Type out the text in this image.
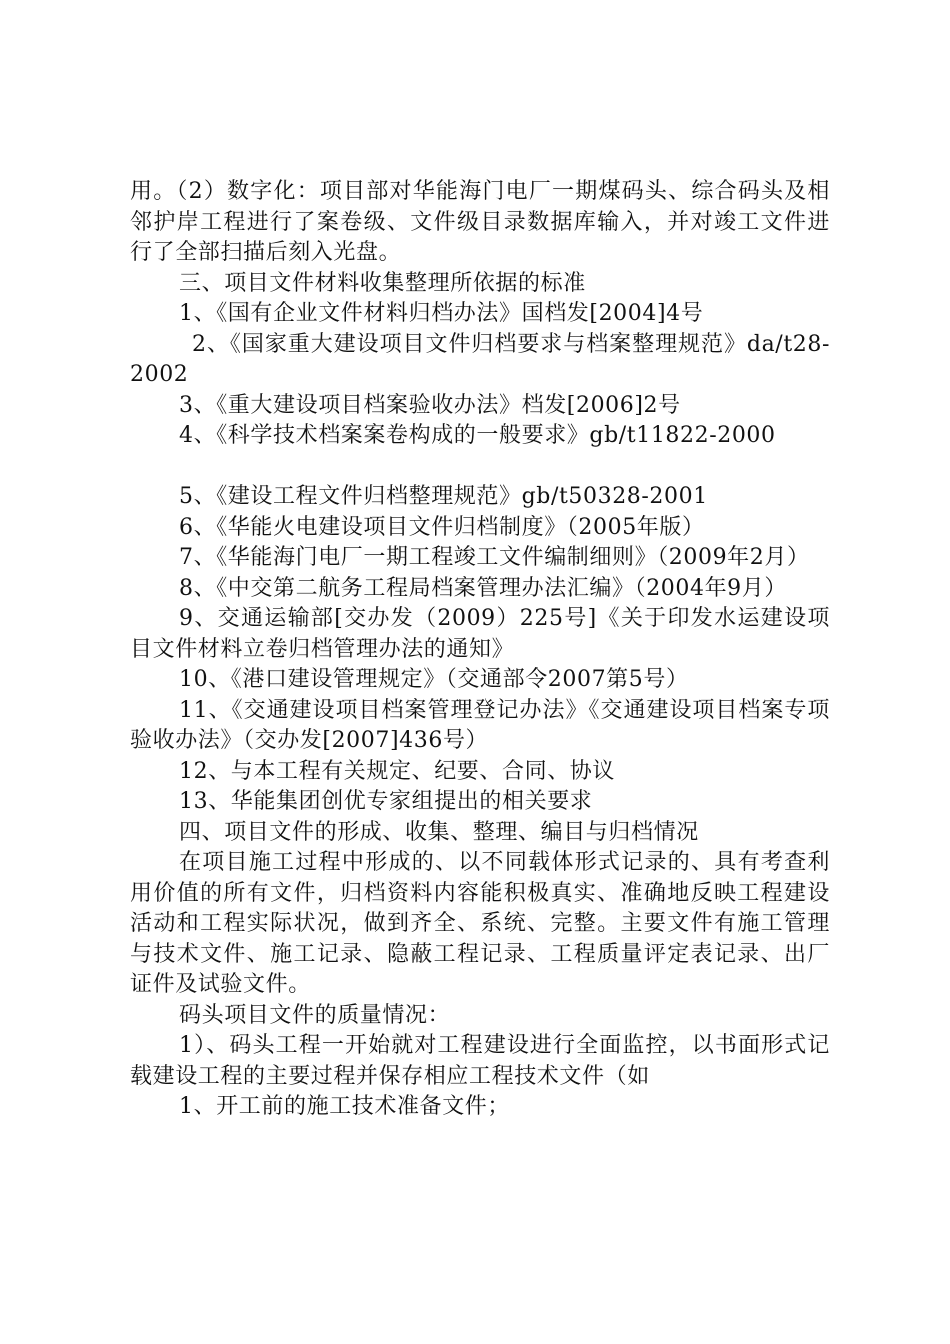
用。（2）数字化：项目部对华能海门电厂一期煤码头、综合码头及相邻护岸工程进行了案卷级、文件级目录数据库输入，并对竣工文件进行了全部扫描后刻入光盘。

三、项目文件材料收集整理所依据的标准

1、《国有企业文件材料归档办法》国档发[2004]4号

2、《国家重大建设项目文件归档要求与档案整理规范》da/t28-2002

3、《重大建设项目档案验收办法》档发[2006]2号

4、《科学技术档案案卷构成的一般要求》gb/t11822-2000

5、《建设工程文件归档整理规范》gb/t50328-2001

6、《华能火电建设项目文件归档制度》（2005年版）

7、《华能海门电厂一期工程竣工文件编制细则》（2009年2月）

8、《中交第二航务工程局档案管理办法汇编》（2004年9月）

9、交通运输部[交办发（2009）225号]《关于印发水运建设项目文件材料立卷归档管理办法的通知》

10、《港口建设管理规定》（交通部令2007第5号）

11、《交通建设项目档案管理登记办法》《交通建设项目档案专项验收办法》（交办发[2007]436号）

12、与本工程有关规定、纪要、合同、协议

13、华能集团创优专家组提出的相关要求

四、项目文件的形成、收集、整理、编目与归档情况

在项目施工过程中形成的、以不同载体形式记录的、具有考查利用价值的所有文件，归档资料内容能积极真实、准确地反映工程建设活动和工程实际状况，做到齐全、系统、完整。主要文件有施工管理与技术文件、施工记录、隐蔽工程记录、工程质量评定表记录、出厂证件及试验文件。

码头项目文件的质量情况：

1）、码头工程一开始就对工程建设进行全面监控，以书面形式记载建设工程的主要过程并保存相应工程技术文件（如

1、开工前的施工技术准备文件；
